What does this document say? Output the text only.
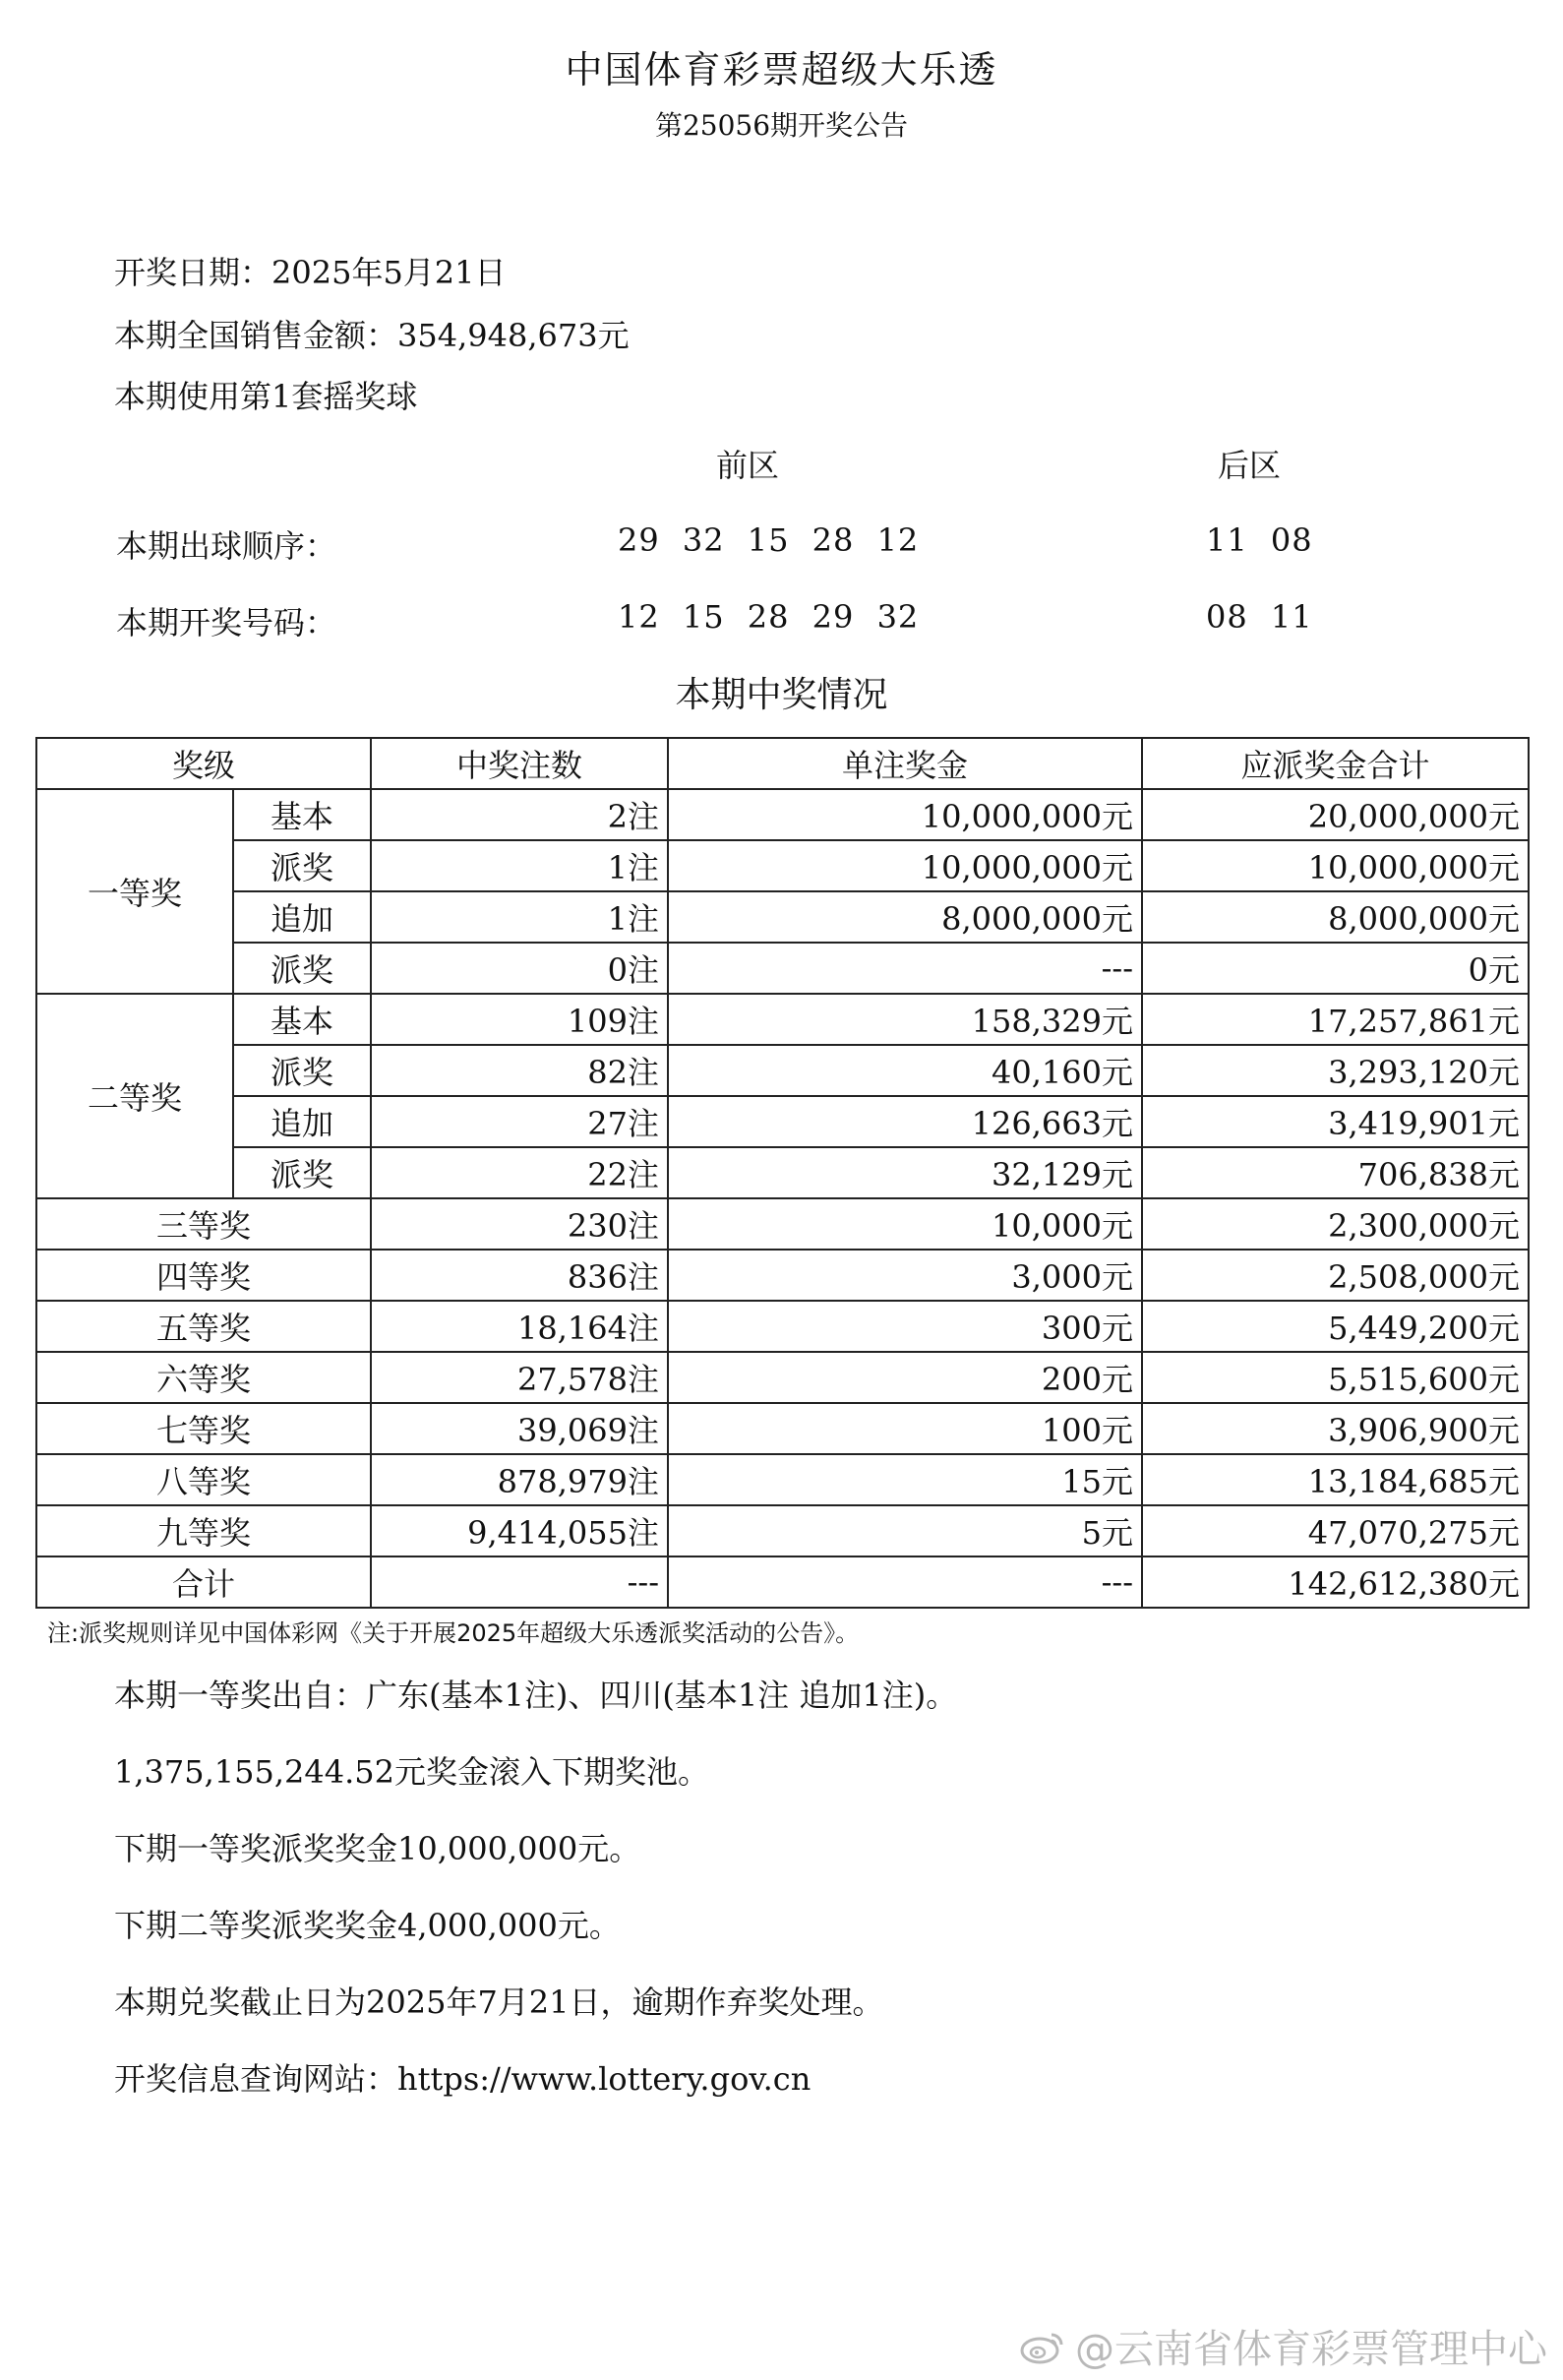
中国体育彩票超级大乐透
第25056期开奖公告
开奖日期：2025年5月21日
本期全国销售金额：354,948,673元
本期使用第1套摇奖球
前区	后区
本期出球顺序：	29 32 15 28 12	11 08
本期开奖号码：	12 15 28 29 32	08 11
本期中奖情况
奖级		中奖注数	单注奖金	应派奖金合计
一等奖	基本	2注	10,000,000元	20,000,000元
	派奖	1注	10,000,000元	10,000,000元
	追加	1注	8,000,000元	8,000,000元
	派奖	0注	---	0元
二等奖	基本	109注	158,329元	17,257,861元
	派奖	82注	40,160元	3,293,120元
	追加	27注	126,663元	3,419,901元
	派奖	22注	32,129元	706,838元
三等奖		230注	10,000元	2,300,000元
四等奖		836注	3,000元	2,508,000元
五等奖		18,164注	300元	5,449,200元
六等奖		27,578注	200元	5,515,600元
七等奖		39,069注	100元	3,906,900元
八等奖		878,979注	15元	13,184,685元
九等奖		9,414,055注	5元	47,070,275元
合计		---	---	142,612,380元
注:派奖规则详见中国体彩网《关于开展2025年超级大乐透派奖活动的公告》。
本期一等奖出自：广东(基本1注)、四川(基本1注 追加1注)。
1,375,155,244.52元奖金滚入下期奖池。
下期一等奖派奖奖金10,000,000元。
下期二等奖派奖奖金4,000,000元。
本期兑奖截止日为2025年7月21日，逾期作弃奖处理。
开奖信息查询网站：https://www.lottery.gov.cn
@云南省体育彩票管理中心
